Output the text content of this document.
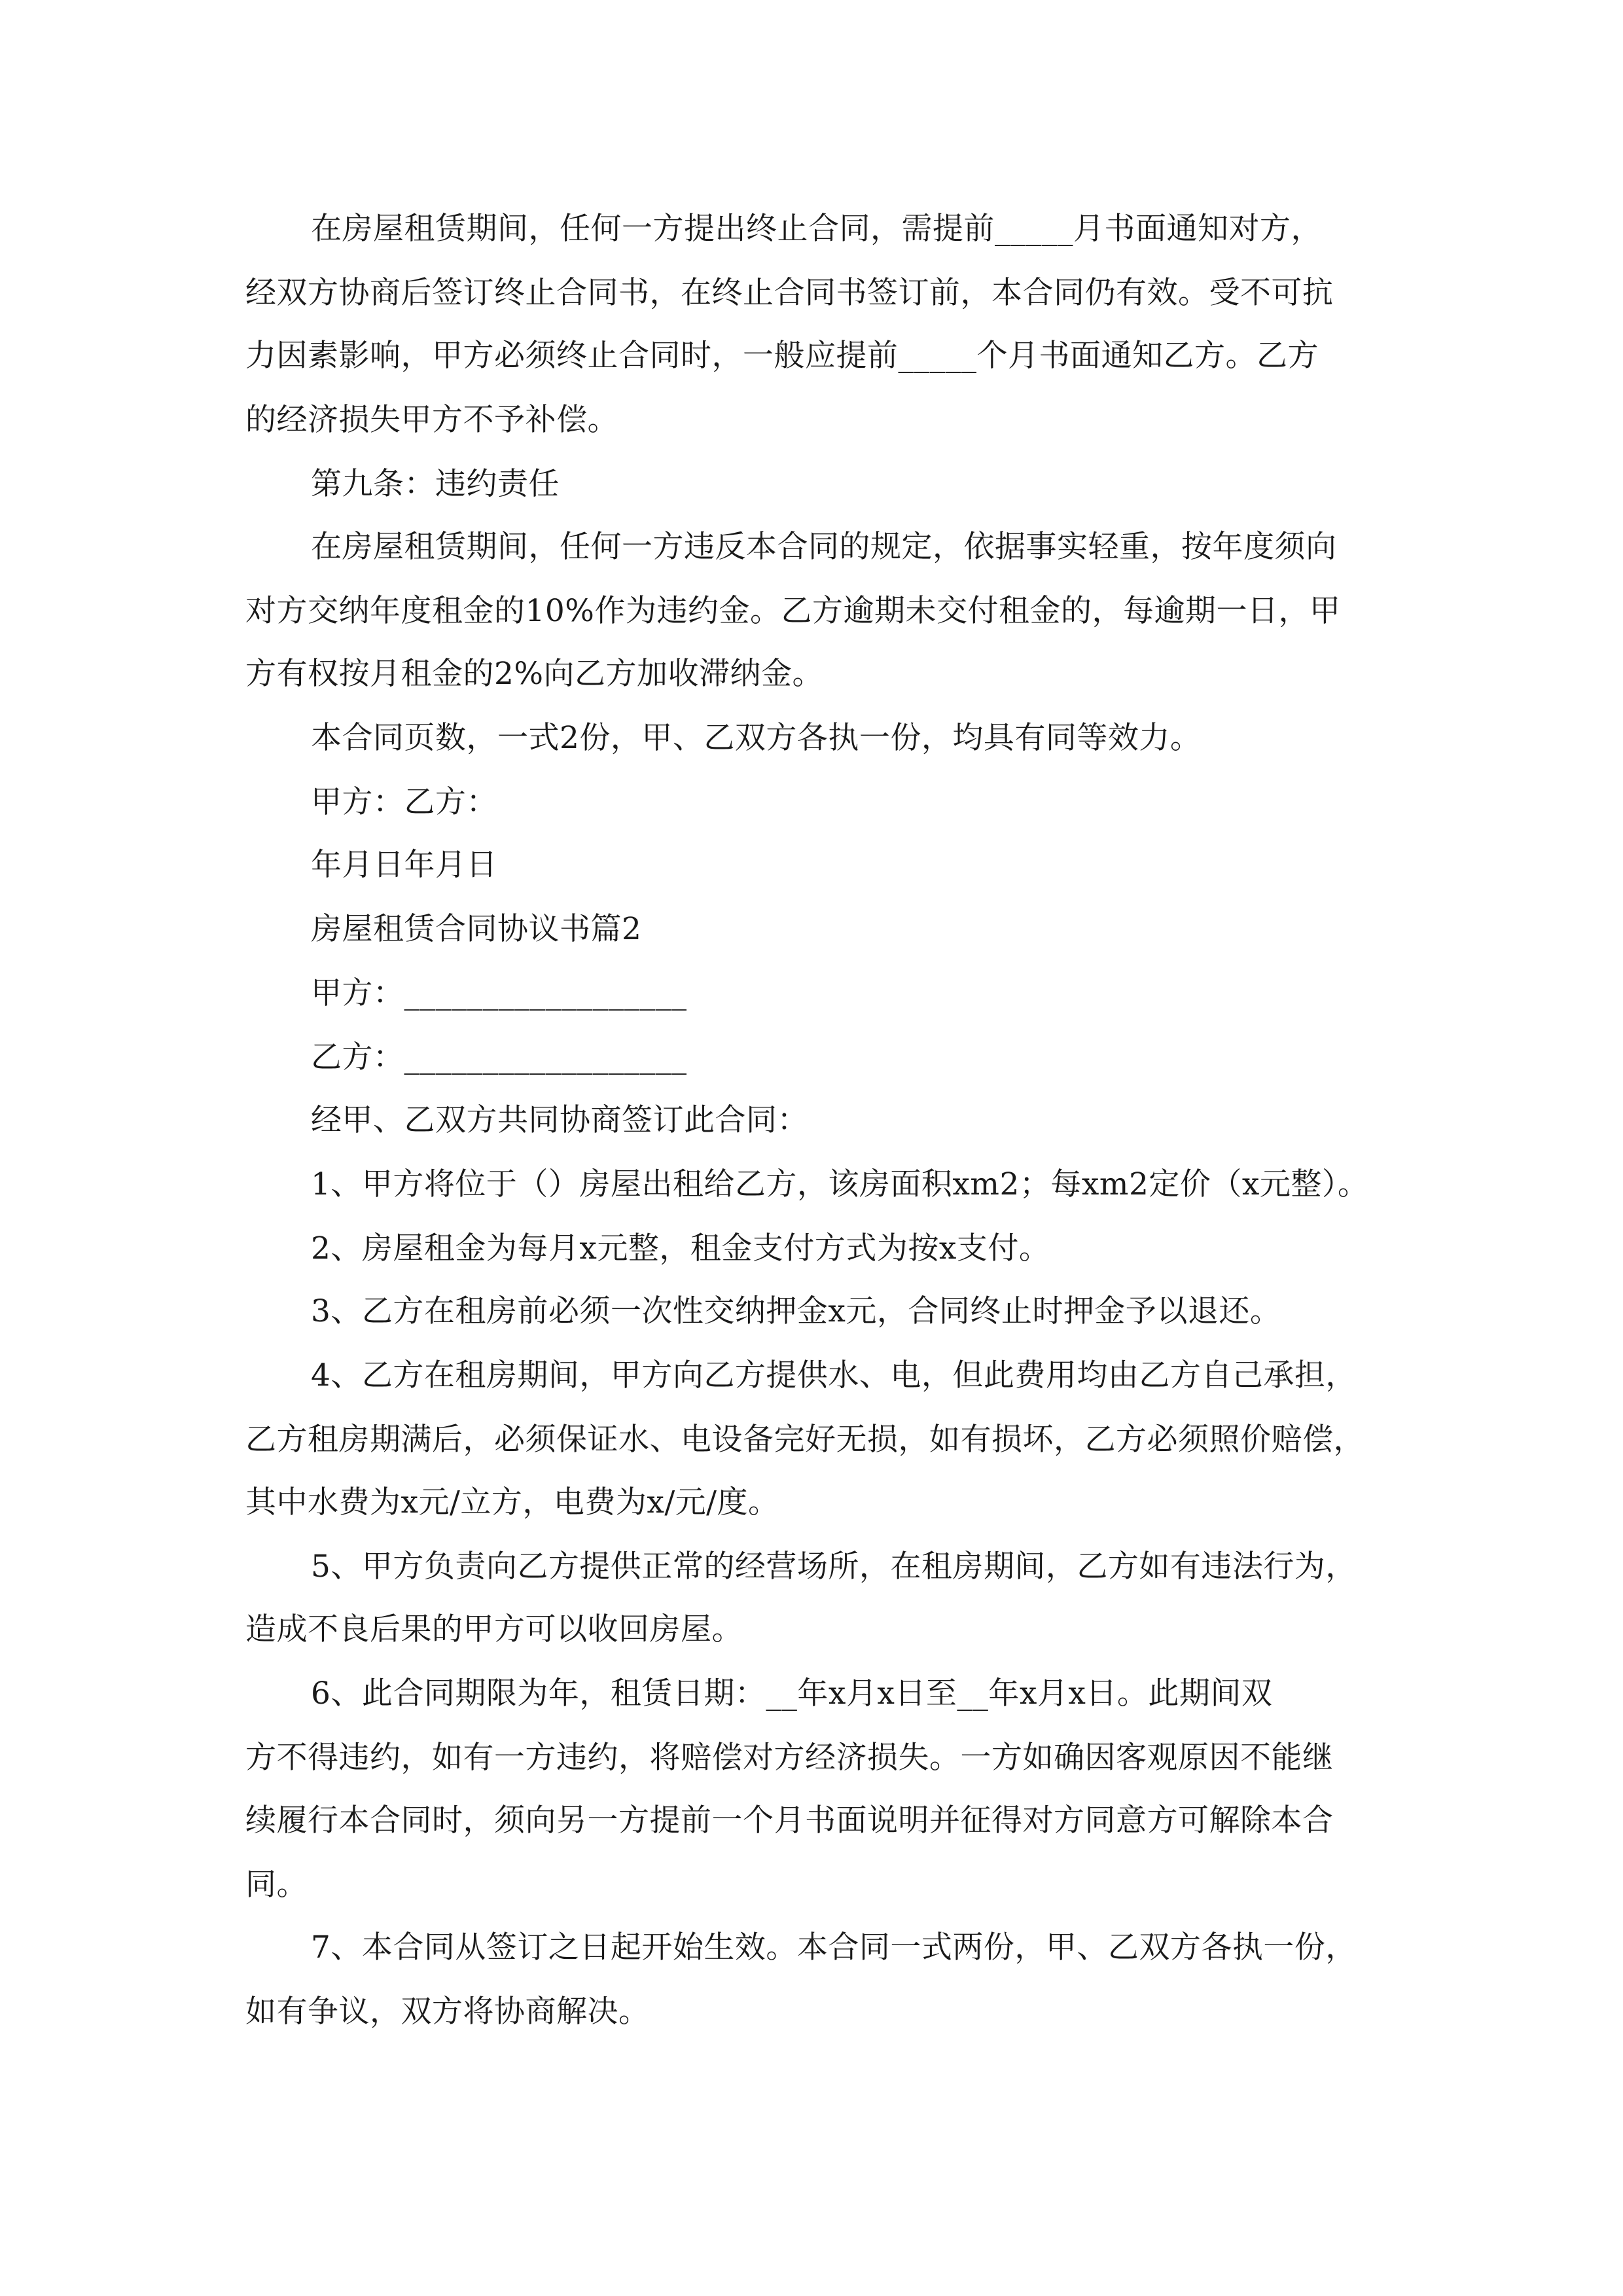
在房屋租赁期间，任何一方提出终止合同，需提前_____月书面通知对方，
经双方协商后签订终止合同书，在终止合同书签订前，本合同仍有效。受不可抗
力因素影响，甲方必须终止合同时，一般应提前_____个月书面通知乙方。乙方
的经济损失甲方不予补偿。
第九条：违约责任
在房屋租赁期间，任何一方违反本合同的规定，依据事实轻重，按年度须向
对方交纳年度租金的10%作为违约金。乙方逾期未交付租金的，每逾期一日，甲
方有权按月租金的2%向乙方加收滞纳金。
本合同页数，一式2份，甲、乙双方各执一份，均具有同等效力。
甲方：乙方：
年月日年月日
房屋租赁合同协议书篇2
甲方：__________________
乙方：__________________
经甲、乙双方共同协商签订此合同：
1、甲方将位于（）房屋出租给乙方，该房面积xm2；每xm2定价（x元整）。
2、房屋租金为每月x元整，租金支付方式为按x支付。
3、乙方在租房前必须一次性交纳押金x元，合同终止时押金予以退还。
4、乙方在租房期间，甲方向乙方提供水、电，但此费用均由乙方自己承担，
乙方租房期满后，必须保证水、电设备完好无损，如有损坏，乙方必须照价赔偿，
其中水费为x元/立方，电费为x/元/度。
5、甲方负责向乙方提供正常的经营场所，在租房期间，乙方如有违法行为，
造成不良后果的甲方可以收回房屋。
6、此合同期限为年，租赁日期：__年x月x日至__年x月x日。此期间双
方不得违约，如有一方违约，将赔偿对方经济损失。一方如确因客观原因不能继
续履行本合同时，须向另一方提前一个月书面说明并征得对方同意方可解除本合
同。
7、本合同从签订之日起开始生效。本合同一式两份，甲、乙双方各执一份，
如有争议，双方将协商解决。
